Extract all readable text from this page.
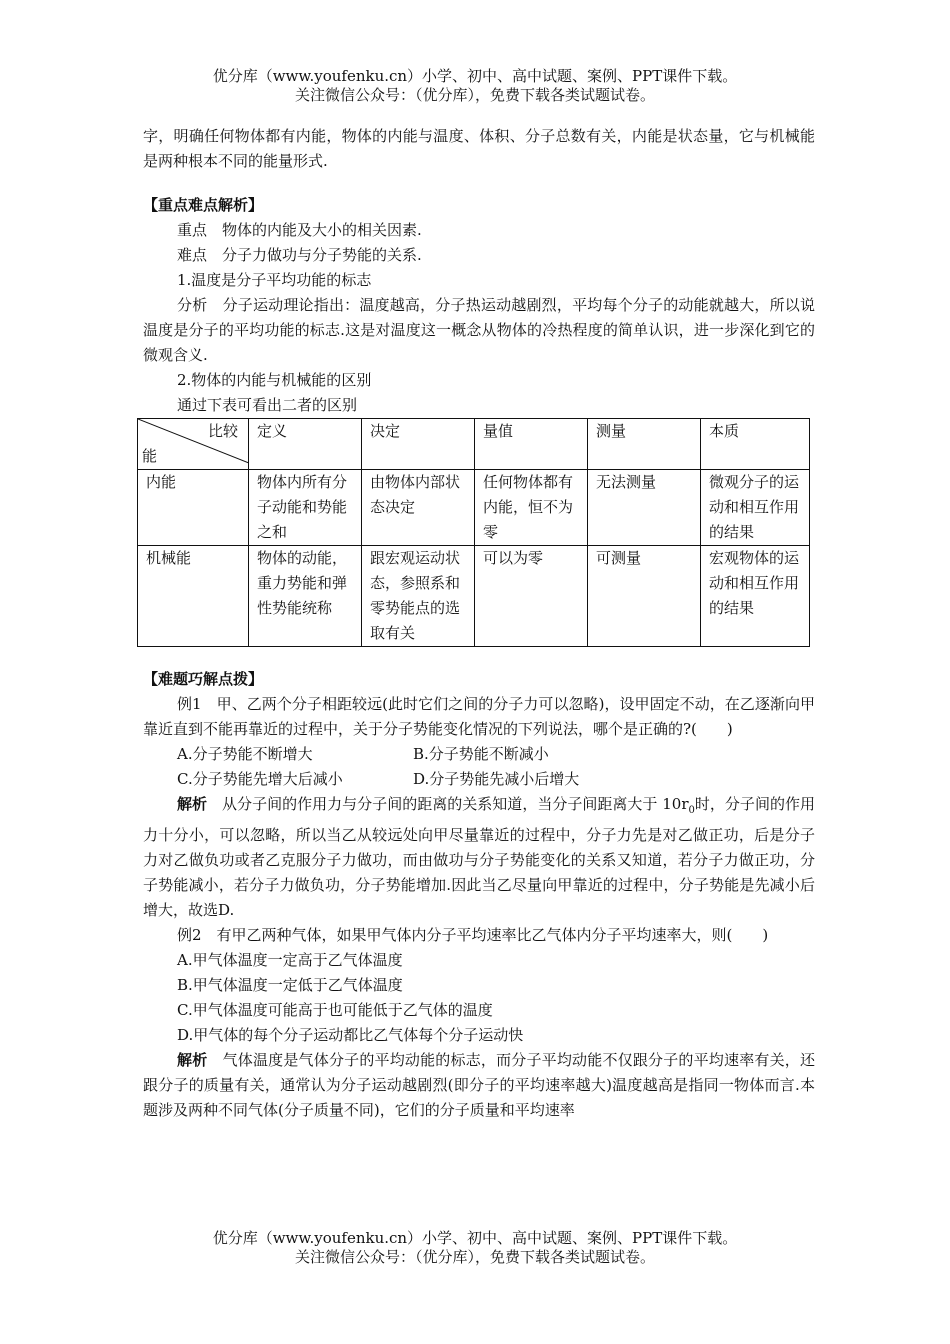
优分库（www.youfenku.cn）小学、初中、高中试题、案例、PPT课件下载。
关注微信公众号：（优分库），免费下载各类试题试卷。

字，明确任何物体都有内能，物体的内能与温度、体积、分子总数有关，内能是状态量，它与机械能是两种根本不同的能量形式.

【重点难点解析】

重点　物体的内能及大小的相关因素.

难点　分子力做功与分子势能的关系.

1.温度是分子平均功能的标志

分析　分子运动理论指出：温度越高，分子热运动越剧烈，平均每个分子的动能就越大，所以说温度是分子的平均功能的标志.这是对温度这一概念从物体的冷热程度的简单认识，进一步深化到它的微观含义.

2.物体的内能与机械能的区别

通过下表可看出二者的区别

比较
能	定义	决定	量值	测量	本质
内能	物体内所有分子动能和势能之和	由物体内部状态决定	任何物体都有内能，恒不为零	无法测量	微观分子的运动和相互作用的结果
机械能	物体的动能，重力势能和弹性势能统称	跟宏观运动状态，参照系和零势能点的选取有关	可以为零	可测量	宏观物体的运动和相互作用的结果

【难题巧解点拨】

例1　甲、乙两个分子相距较远(此时它们之间的分子力可以忽略)，设甲固定不动，在乙逐渐向甲靠近直到不能再靠近的过程中，关于分子势能变化情况的下列说法，哪个是正确的?(　　)

A.分子势能不断增大	B.分子势能不断减小
C.分子势能先增大后减小	D.分子势能先减小后增大

解析　从分子间的作用力与分子间的距离的关系知道，当分子间距离大于 $10r_0$时，分子间的作用力十分小，可以忽略，所以当乙从较远处向甲尽量靠近的过程中，分子力先是对乙做正功，后是分子力对乙做负功或者乙克服分子力做功，而由做功与分子势能变化的关系又知道，若分子力做正功，分子势能减小，若分子力做负功，分子势能增加.因此当乙尽量向甲靠近的过程中，分子势能是先减小后增大，故选D.

例2　有甲乙两种气体，如果甲气体内分子平均速率比乙气体内分子平均速率大，则(　　)

A.甲气体温度一定高于乙气体温度

B.甲气体温度一定低于乙气体温度

C.甲气体温度可能高于也可能低于乙气体的温度

D.甲气体的每个分子运动都比乙气体每个分子运动快

解析　气体温度是气体分子的平均动能的标志，而分子平均动能不仅跟分子的平均速率有关，还跟分子的质量有关，通常认为分子运动越剧烈(即分子的平均速率越大)温度越高是指同一物体而言.本题涉及两种不同气体(分子质量不同)，它们的分子质量和平均速率

优分库（www.youfenku.cn）小学、初中、高中试题、案例、PPT课件下载。
关注微信公众号：（优分库），免费下载各类试题试卷。
